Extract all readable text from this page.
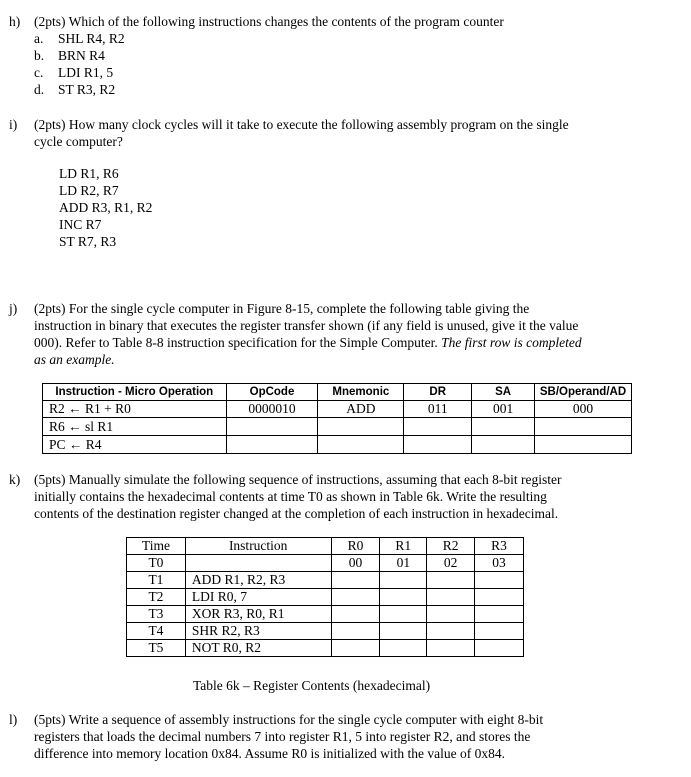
h) (2pts) Which of the following instructions changes the contents of the program counter
a. SHL R4, R2
b. BRN R4
c. LDI R1, 5
d. ST R3, R2
i) (2pts) How many clock cycles will it take to execute the following assembly program on the single
cycle computer?
LD R1, R6
LD R2, R7
ADD R3, R1, R2
INC R7
ST R7, R3
j) (2pts) For the single cycle computer in Figure 8-15, complete the following table giving the
instruction in binary that executes the register transfer shown (if any field is unused, give it the value
000). Refer to Table 8-8 instruction specification for the Simple Computer. The first row is completed
as an example.
Instruction - Micro Operation	OpCode	Mnemonic	DR	SA	SB/Operand/AD
R2 ← R1 + R0	0000010	ADD	011	001	000
R6 ← sl R1					
PC ← R4					
k) (5pts) Manually simulate the following sequence of instructions, assuming that each 8-bit register
initially contains the hexadecimal contents at time T0 as shown in Table 6k. Write the resulting
contents of the destination register changed at the completion of each instruction in hexadecimal.
Time	Instruction	R0	R1	R2	R3
T0		00	01	02	03
T1	ADD R1, R2, R3				
T2	LDI R0, 7				
T3	XOR R3, R0, R1				
T4	SHR R2, R3				
T5	NOT R0, R2				
Table 6k – Register Contents (hexadecimal)
l) (5pts) Write a sequence of assembly instructions for the single cycle computer with eight 8-bit
registers that loads the decimal numbers 7 into register R1, 5 into register R2, and stores the
difference into memory location 0x84. Assume R0 is initialized with the value of 0x84.
